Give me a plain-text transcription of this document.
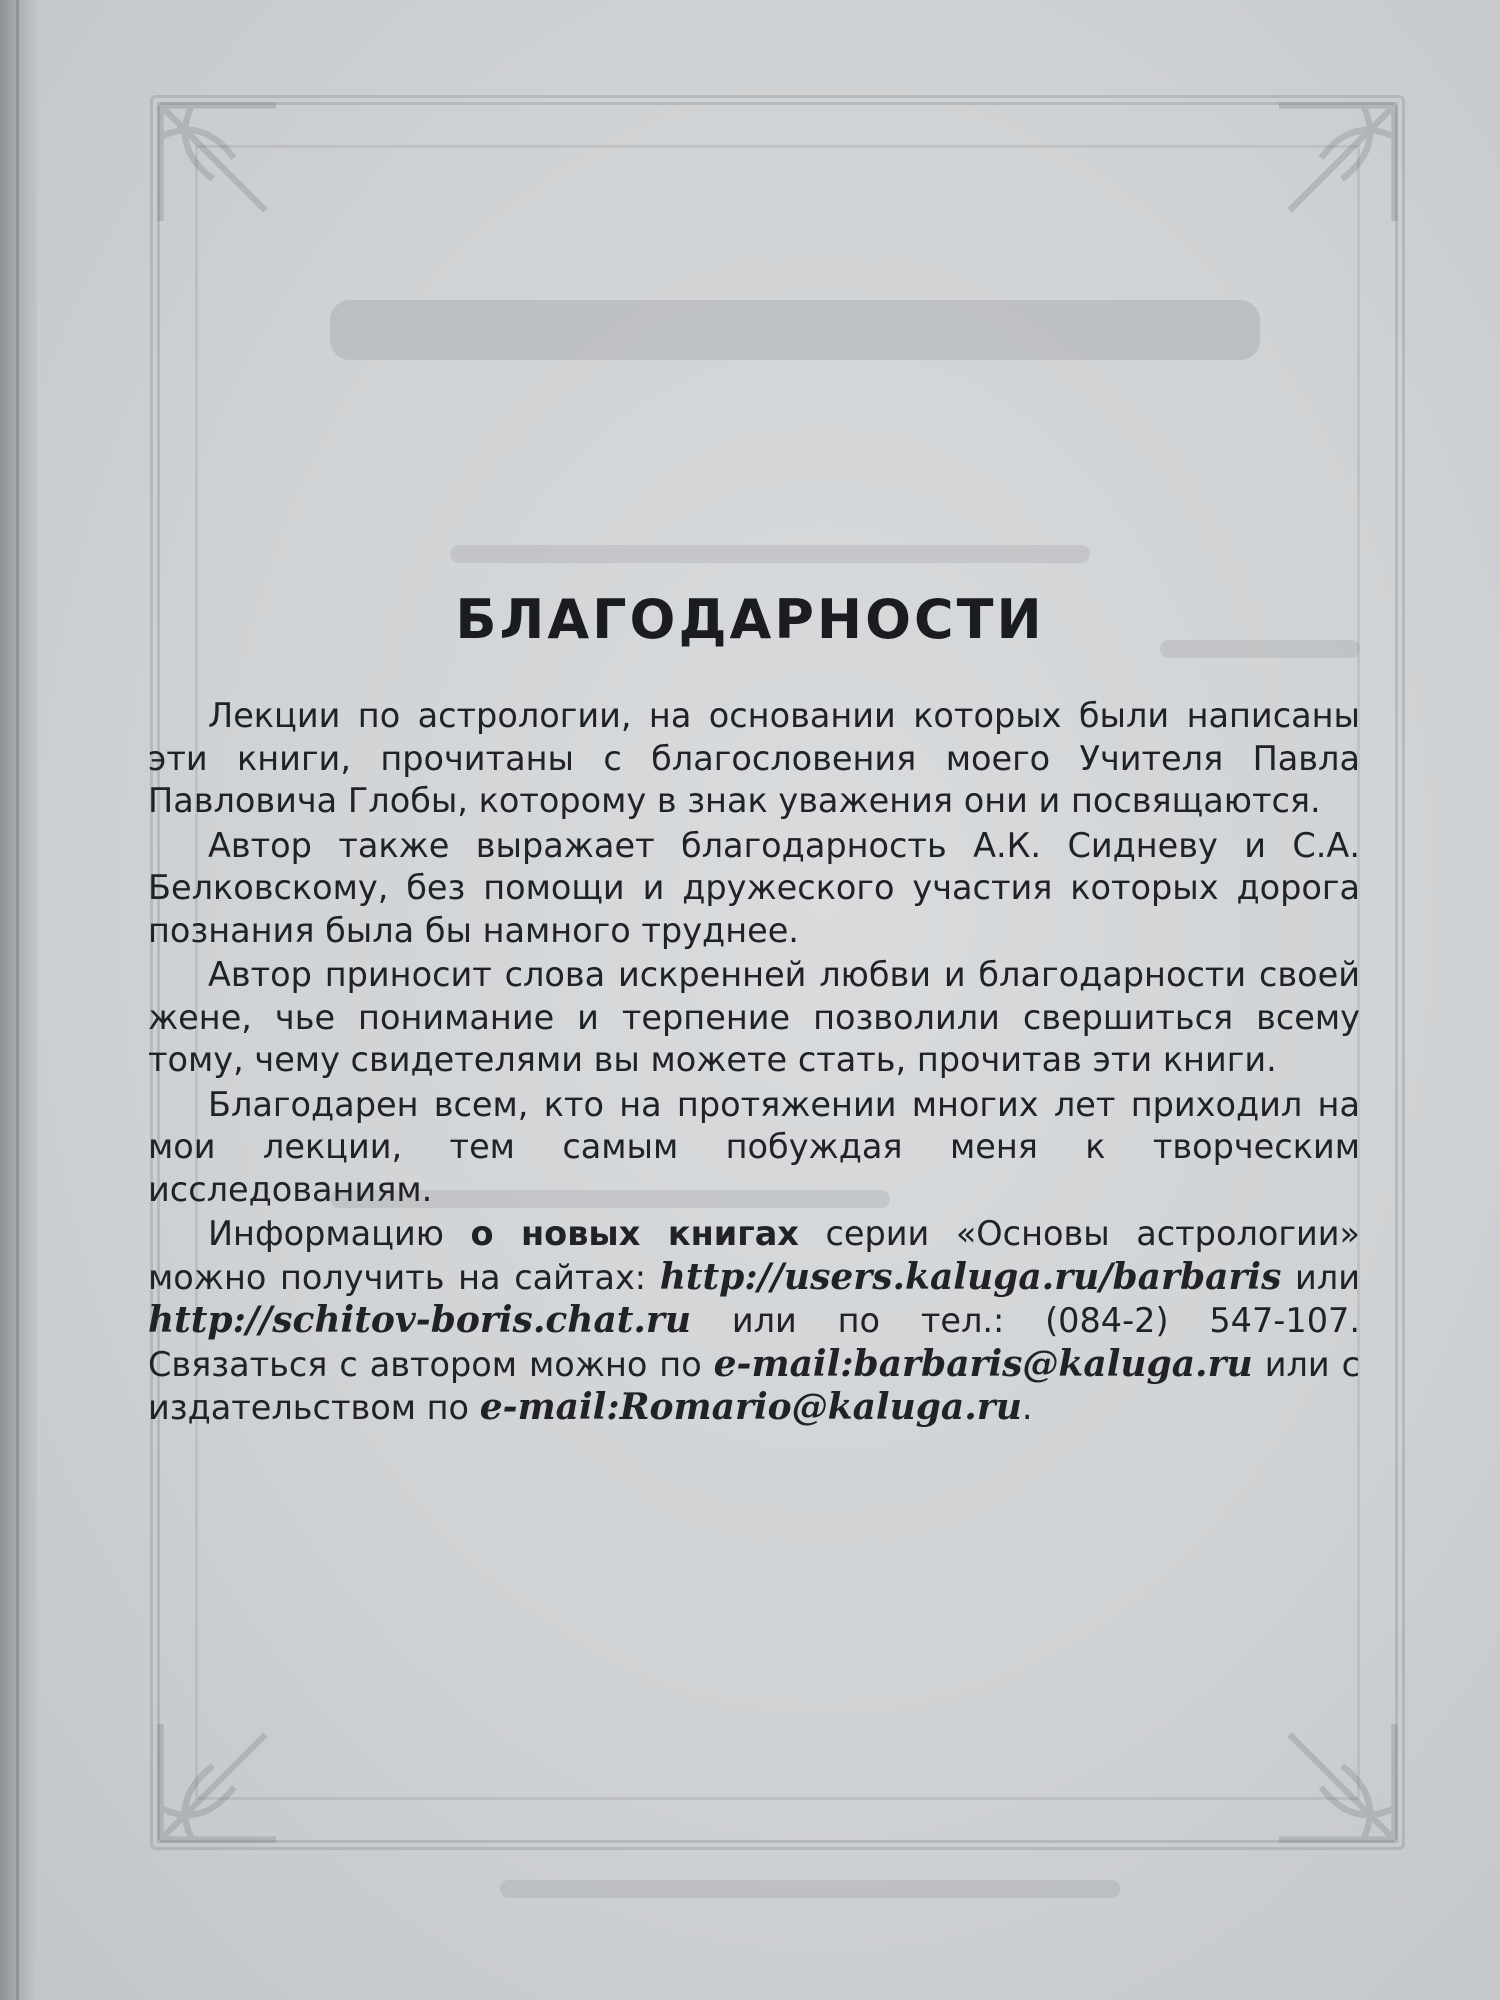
БЛАГОДАРНОСТИ

Лекции по астрологии, на основании которых были написаны эти книги, прочитаны с благословения моего Учителя Павла Павловича Глобы, которому в знак уважения они и посвящаются.

Автор также выражает благодарность А.К. Сидневу и С.А. Белковскому, без помощи и дружеского участия которых дорога познания была бы намного труднее.

Автор приносит слова искренней любви и благодарности своей жене, чье понимание и терпение позволили свершиться всему тому, чему свидетелями вы можете стать, прочитав эти книги.

Благодарен всем, кто на протяжении многих лет приходил на мои лекции, тем самым побуждая меня к творческим исследованиям.

Информацию о новых книгах серии «Основы астрологии» можно получить на сайтах: http://users.kaluga.ru/barbaris или http://schitov-boris.chat.ru или по тел.: (084-2) 547-107. Связаться с автором можно по e-mail:barbaris@kaluga.ru или с издательством по e-mail:Romario@kaluga.ru.
